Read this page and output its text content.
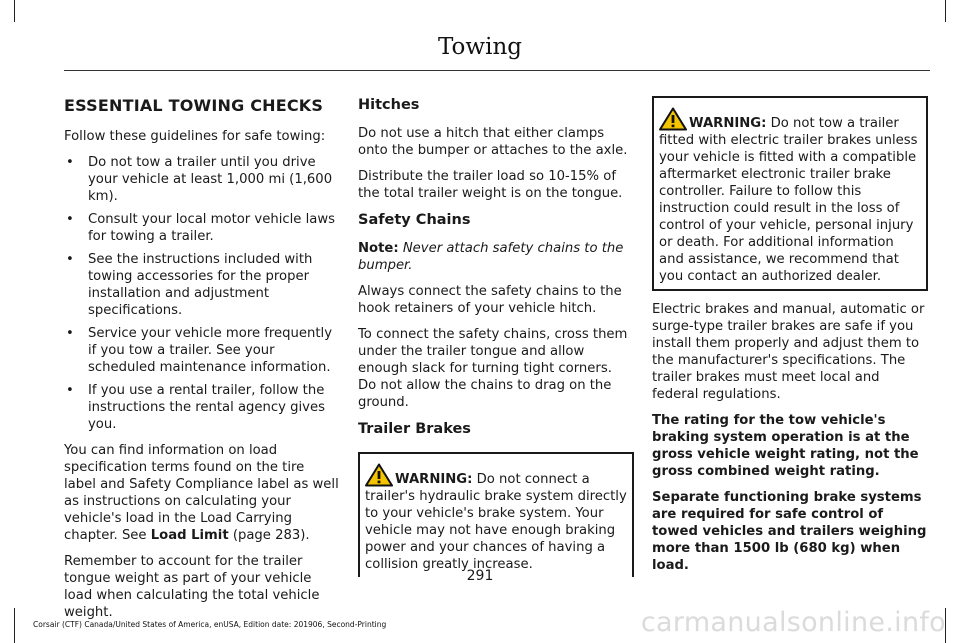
Towing
ESSENTIAL TOWING CHECKS

Follow these guidelines for safe towing:

• Do not tow a trailer until you drive your vehicle at least 1,000 mi (1,600 km).
• Consult your local motor vehicle laws for towing a trailer.
• See the instructions included with towing accessories for the proper installation and adjustment specifications.
• Service your vehicle more frequently if you tow a trailer. See your scheduled maintenance information.
• If you use a rental trailer, follow the instructions the rental agency gives you.

You can find information on load specification terms found on the tire label and Safety Compliance label as well as instructions on calculating your vehicle's load in the Load Carrying chapter. See Load Limit (page 283).

Remember to account for the trailer tongue weight as part of your vehicle load when calculating the total vehicle weight.

Hitches

Do not use a hitch that either clamps onto the bumper or attaches to the axle.

Distribute the trailer load so 10-15% of the total trailer weight is on the tongue.

Safety Chains

Note: Never attach safety chains to the bumper.

Always connect the safety chains to the hook retainers of your vehicle hitch.

To connect the safety chains, cross them under the trailer tongue and allow enough slack for turning tight corners. Do not allow the chains to drag on the ground.

Trailer Brakes
WARNING: Do not connect a trailer's hydraulic brake system directly to your vehicle's brake system. Your vehicle may not have enough braking power and your chances of having a collision greatly increase.
WARNING: Do not tow a trailer fitted with electric trailer brakes unless your vehicle is fitted with a compatible aftermarket electronic trailer brake controller. Failure to follow this instruction could result in the loss of control of your vehicle, personal injury or death. For additional information and assistance, we recommend that you contact an authorized dealer.

Electric brakes and manual, automatic or surge-type trailer brakes are safe if you install them properly and adjust them to the manufacturer's specifications. The trailer brakes must meet local and federal regulations.

The rating for the tow vehicle's braking system operation is at the gross vehicle weight rating, not the gross combined weight rating.

Separate functioning brake systems are required for safe control of towed vehicles and trailers weighing more than 1500 lb (680 kg) when load.

291
Corsair (CTF) Canada/United States of America, enUSA, Edition date: 201906, Second-Printing	carmanualsonline.info
